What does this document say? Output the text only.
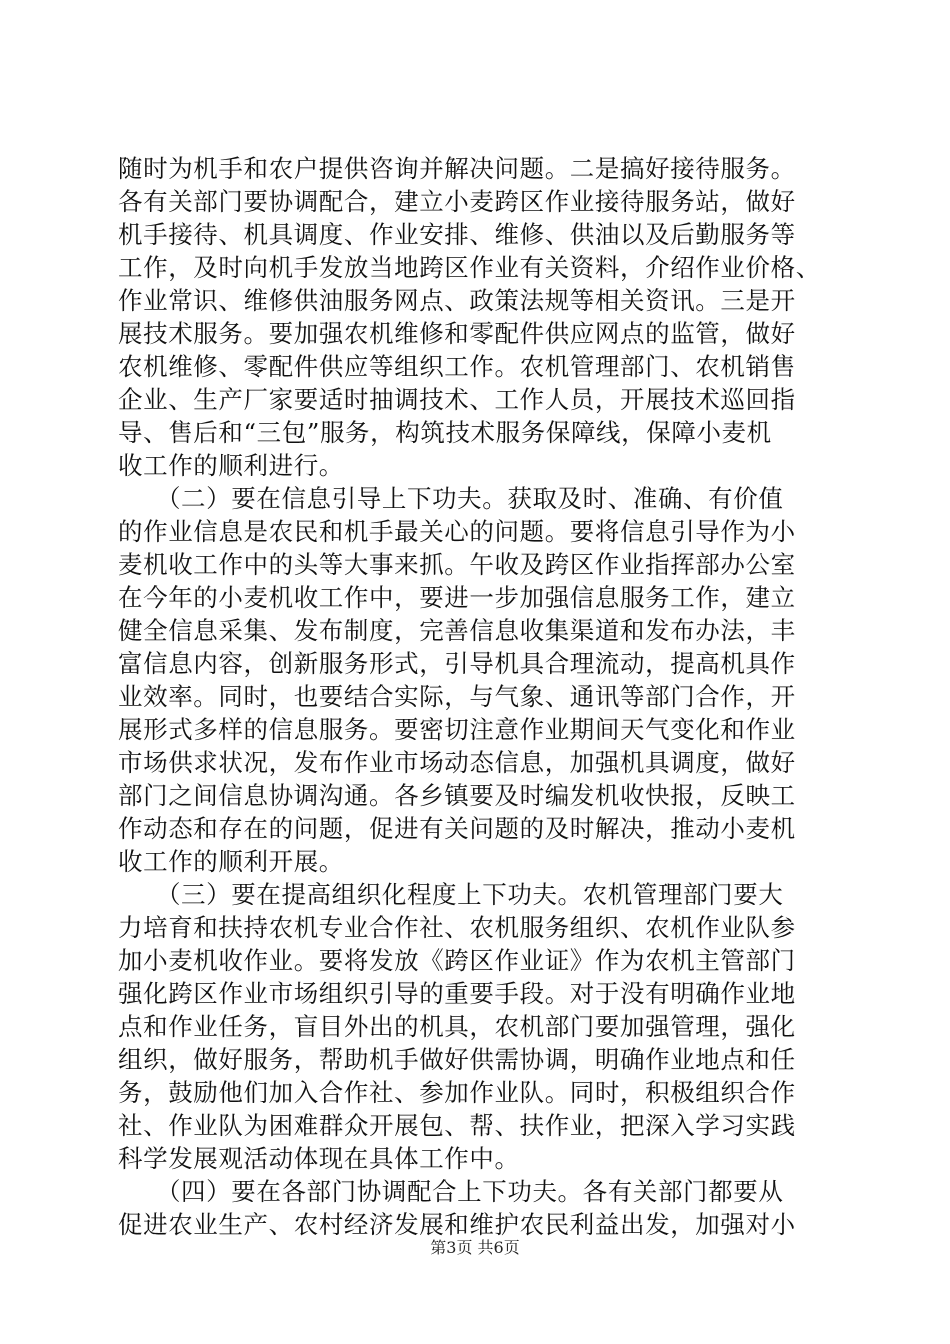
随时为机手和农户提供咨询并解决问题。二是搞好接待服务。
各有关部门要协调配合，建立小麦跨区作业接待服务站，做好
机手接待、机具调度、作业安排、维修、供油以及后勤服务等
工作，及时向机手发放当地跨区作业有关资料，介绍作业价格、
作业常识、维修供油服务网点、政策法规等相关资讯。三是开
展技术服务。要加强农机维修和零配件供应网点的监管，做好
农机维修、零配件供应等组织工作。农机管理部门、农机销售
企业、生产厂家要适时抽调技术、工作人员，开展技术巡回指
导、售后和“三包”服务，构筑技术服务保障线，保障小麦机
收工作的顺利进行。
　　（二）要在信息引导上下功夫。获取及时、准确、有价值
的作业信息是农民和机手最关心的问题。要将信息引导作为小
麦机收工作中的头等大事来抓。午收及跨区作业指挥部办公室
在今年的小麦机收工作中，要进一步加强信息服务工作，建立
健全信息采集、发布制度，完善信息收集渠道和发布办法，丰
富信息内容，创新服务形式，引导机具合理流动，提高机具作
业效率。同时，也要结合实际，与气象、通讯等部门合作，开
展形式多样的信息服务。要密切注意作业期间天气变化和作业
市场供求状况，发布作业市场动态信息，加强机具调度，做好
部门之间信息协调沟通。各乡镇要及时编发机收快报，反映工
作动态和存在的问题，促进有关问题的及时解决，推动小麦机
收工作的顺利开展。
　　（三）要在提高组织化程度上下功夫。农机管理部门要大
力培育和扶持农机专业合作社、农机服务组织、农机作业队参
加小麦机收作业。要将发放《跨区作业证》作为农机主管部门
强化跨区作业市场组织引导的重要手段。对于没有明确作业地
点和作业任务，盲目外出的机具，农机部门要加强管理，强化
组织，做好服务，帮助机手做好供需协调，明确作业地点和任
务，鼓励他们加入合作社、参加作业队。同时，积极组织合作
社、作业队为困难群众开展包、帮、扶作业，把深入学习实践
科学发展观活动体现在具体工作中。
　　（四）要在各部门协调配合上下功夫。各有关部门都要从
促进农业生产、农村经济发展和维护农民利益出发，加强对小
第3页 共6页
